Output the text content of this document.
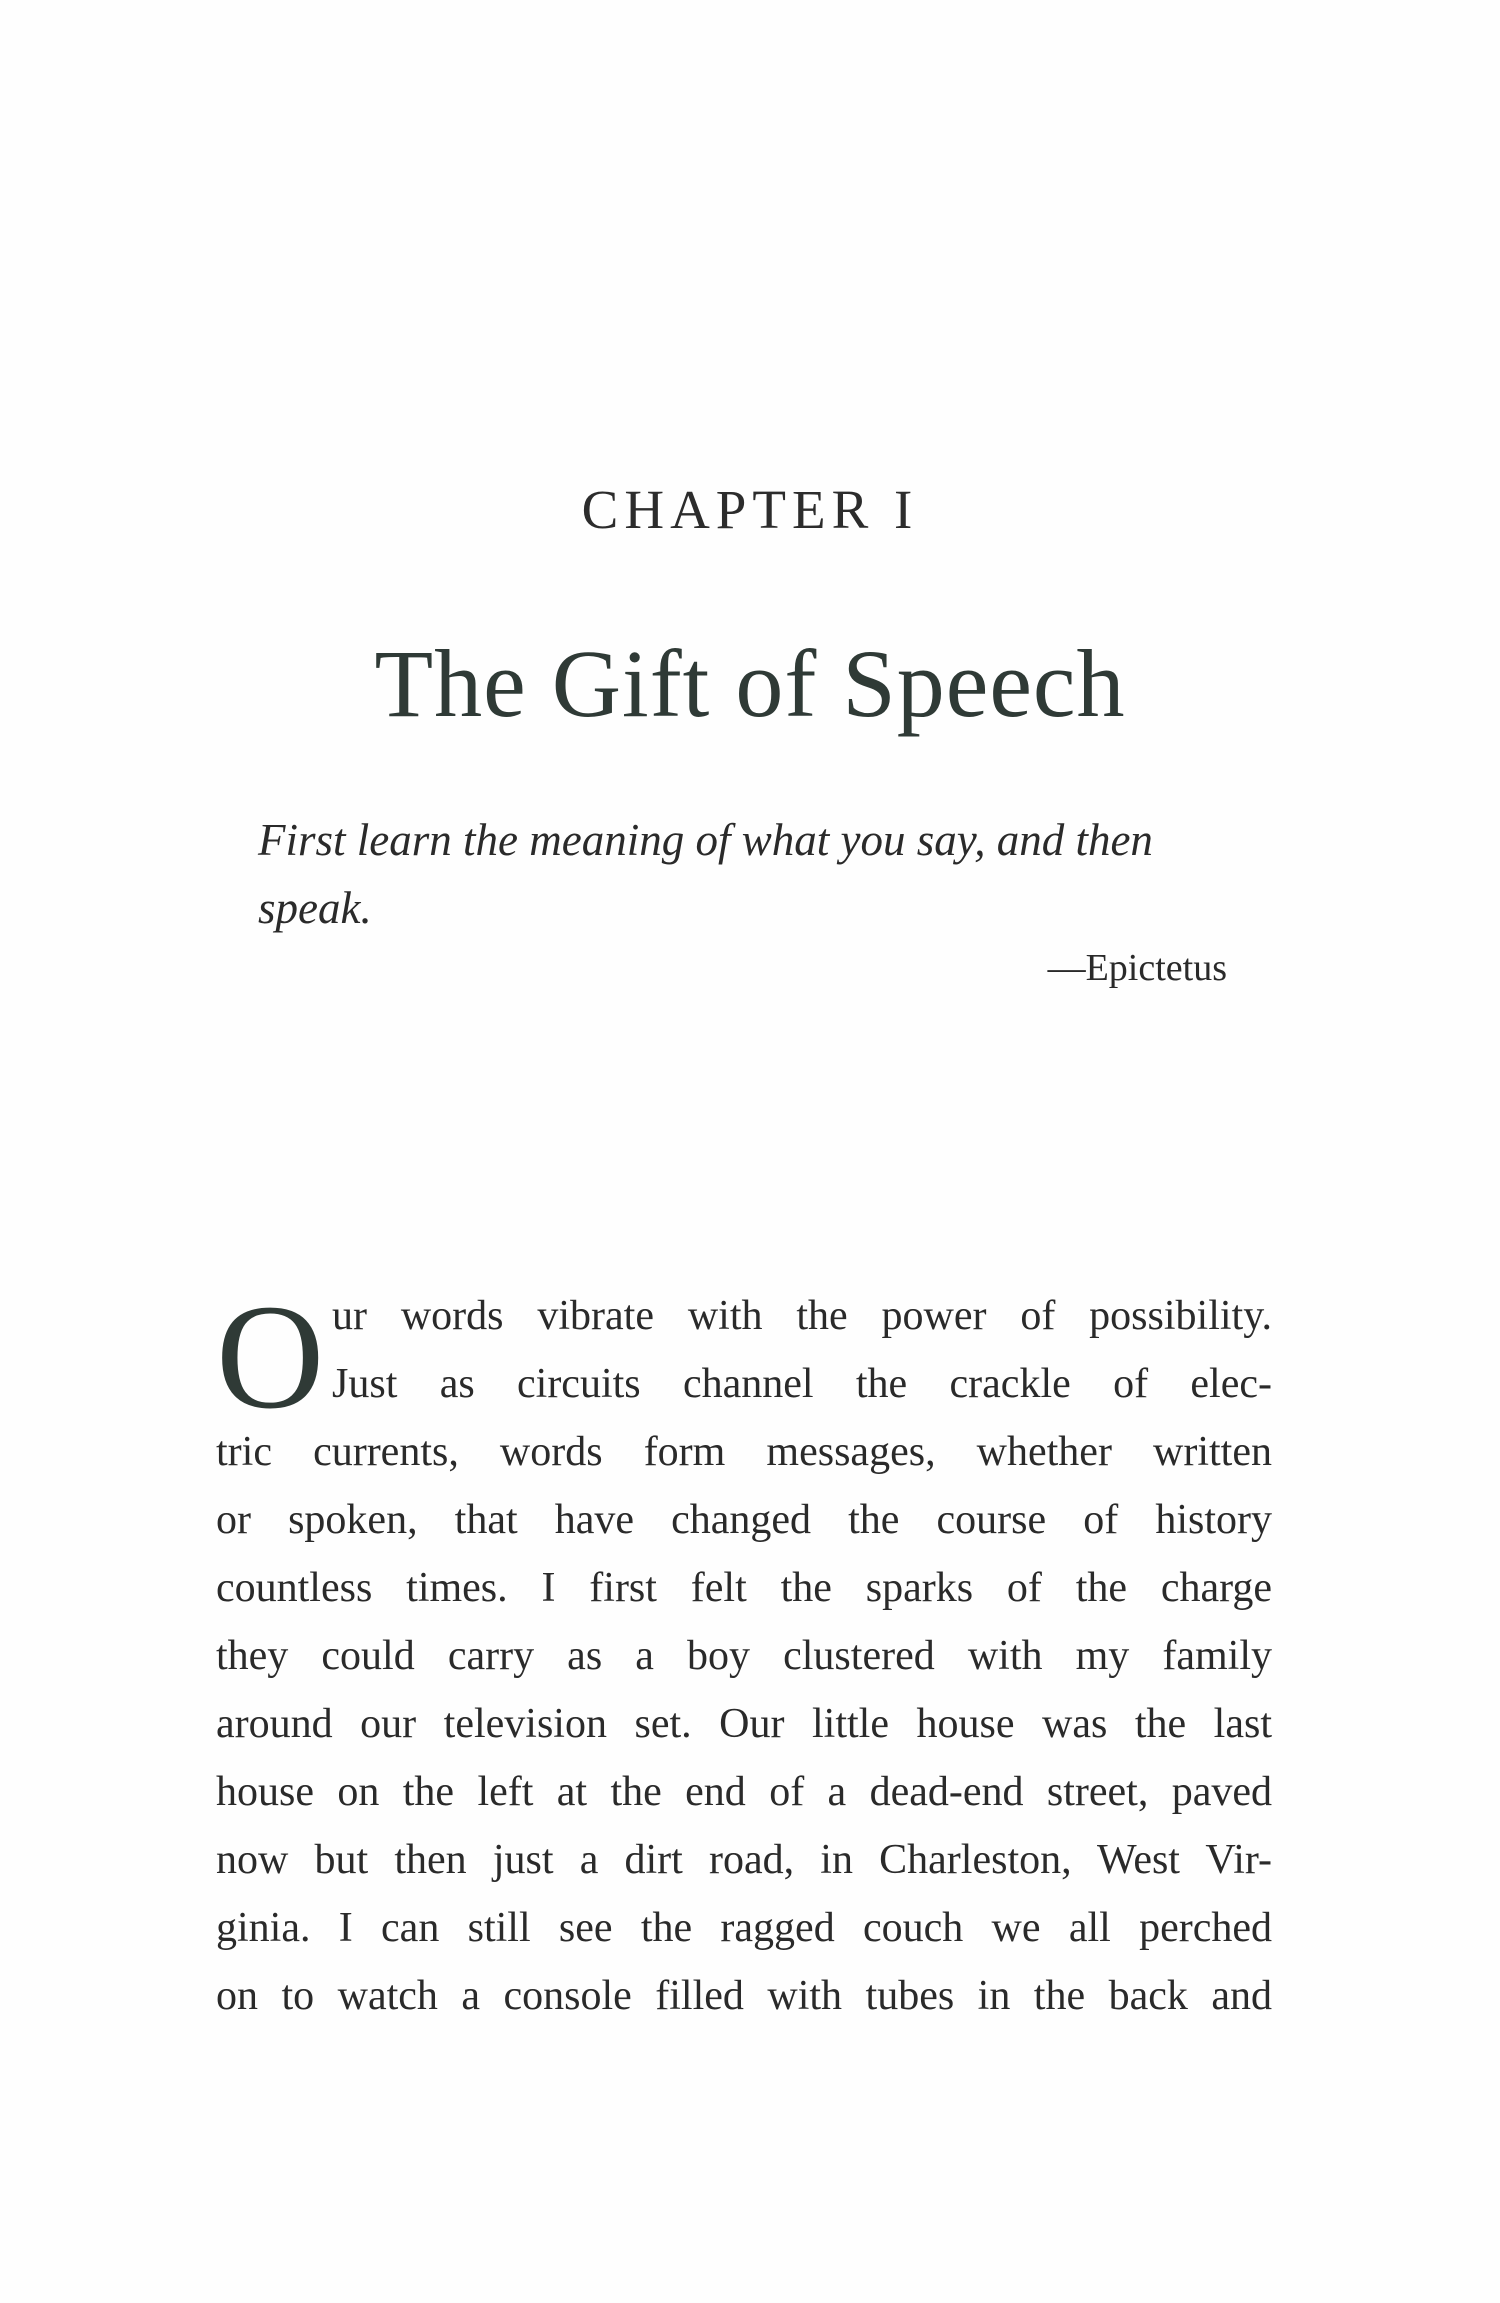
CHAPTER I
The Gift of Speech
First learn the meaning of what you say, and then speak.
—Epictetus
O ur words vibrate with the power of possibility.
Just as circuits channel the crackle of elec-
tric currents, words form messages, whether written
or spoken, that have changed the course of history
countless times. I first felt the sparks of the charge
they could carry as a boy clustered with my family
around our television set. Our little house was the last
house on the left at the end of a dead-end street, paved
now but then just a dirt road, in Charleston, West Vir-
ginia. I can still see the ragged couch we all perched
on to watch a console filled with tubes in the back and
